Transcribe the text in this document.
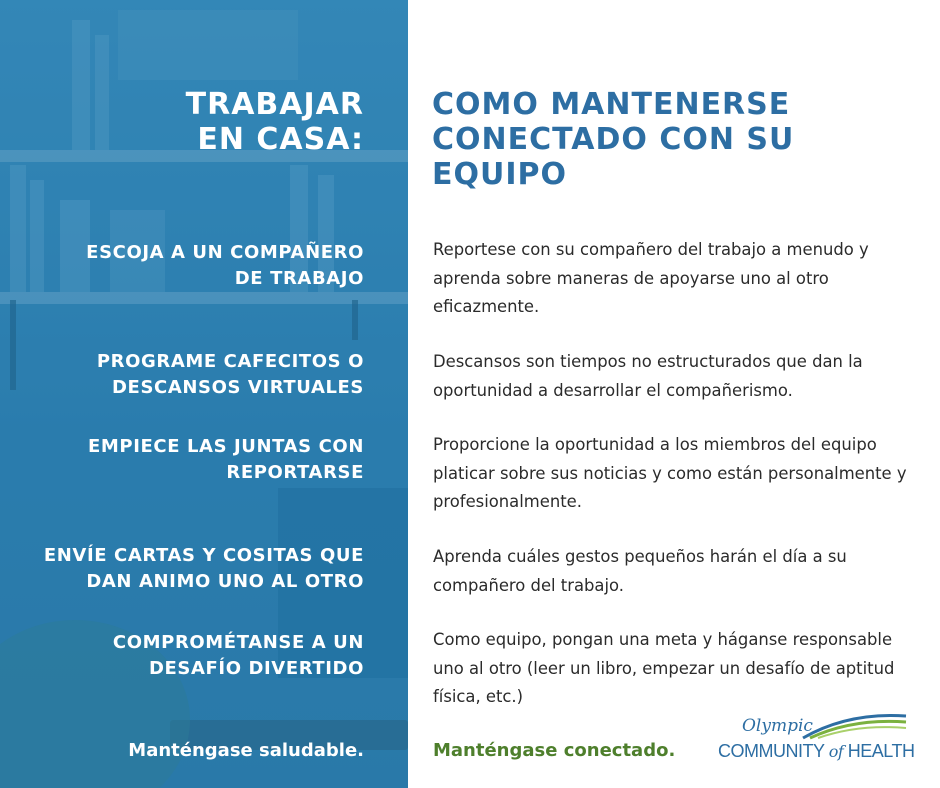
TRABAJAR
EN CASA:
ESCOJA A UN COMPAÑERO
DE TRABAJO
PROGRAME CAFECITOS O
DESCANSOS VIRTUALES
EMPIECE LAS JUNTAS CON
REPORTARSE
ENVÍE CARTAS Y COSITAS QUE
DAN ANIMO UNO AL OTRO
COMPROMÉTANSE A UN
DESAFÍO DIVERTIDO
Manténgase saludable.
COMO MANTENERSE
CONECTADO CON SU
EQUIPO
Reportese con su compañero del trabajo a menudo y aprenda sobre maneras de apoyarse uno al otro eficazmente.
Descansos son tiempos no estructurados que dan la oportunidad a desarrollar el compañerismo.
Proporcione la oportunidad a los miembros del equipo platicar sobre sus noticias y como están personalmente y profesionalmente.
Aprenda cuáles gestos pequeños harán el día a su compañero del trabajo.
Como equipo, pongan una meta y háganse responsable uno al otro (leer un libro, empezar un desafío de aptitud física, etc.)
Manténgase conectado.
Olympic
COMMUNITY of HEALTH
